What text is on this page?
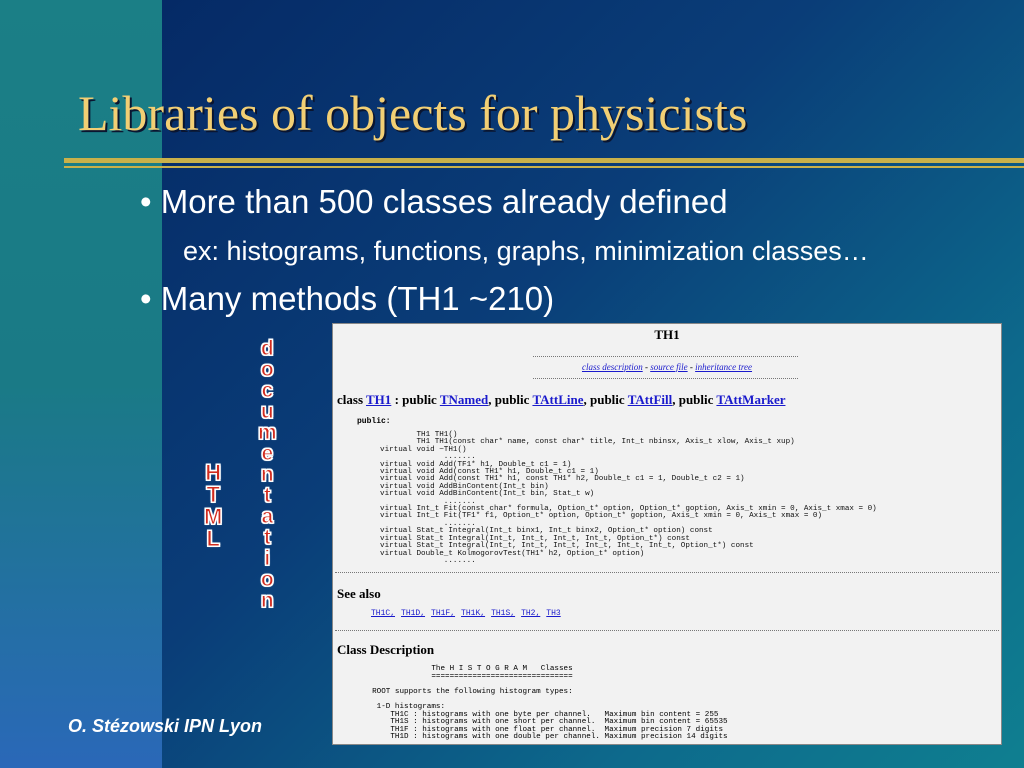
Libraries of objects for physicists
• More than 500 classes already defined
ex: histograms, functions, graphs, minimization classes…
• Many methods (TH1 ~210)
H
T
M
L
d
o
c
u
m
e
n
t
a
t
i
o
n
TH1
class description - source file - inheritance tree
class TH1 : public TNamed, public TAttLine, public TAttFill, public TAttMarker
public:
TH1 TH1()
TH1 TH1(const char* name, const char* title, Int_t nbinsx, Axis_t xlow, Axis_t xup)
virtual void ~TH1()
.......
virtual void Add(TF1* h1, Double_t c1 = 1)
virtual void Add(const TH1* h1, Double_t c1 = 1)
virtual void Add(const TH1* h1, const TH1* h2, Double_t c1 = 1, Double_t c2 = 1)
virtual void AddBinContent(Int_t bin)
virtual void AddBinContent(Int_t bin, Stat_t w)
.......
virtual Int_t Fit(const char* formula, Option_t* option, Option_t* goption, Axis_t xmin = 0, Axis_t xmax = 0)
virtual Int_t Fit(TF1* f1, Option_t* option, Option_t* goption, Axis_t xmin = 0, Axis_t xmax = 0)
.......
virtual Stat_t Integral(Int_t binx1, Int_t binx2, Option_t* option) const
virtual Stat_t Integral(Int_t, Int_t, Int_t, Int_t, Option_t*) const
virtual Stat_t Integral(Int_t, Int_t, Int_t, Int_t, Int_t, Int_t, Option_t*) const
virtual Double_t KolmogorovTest(TH1* h2, Option_t* option)
.......
See also
TH1C, TH1D, TH1F, TH1K, TH1S, TH2, TH3
Class Description
The H I S T O G R A M   Classes
===============================

ROOT supports the following histogram types:

1-D histograms:
TH1C : histograms with one byte per channel.   Maximum bin content = 255
TH1S : histograms with one short per channel.  Maximum bin content = 65535
TH1F : histograms with one float per channel.  Maximum precision 7 digits
TH1D : histograms with one double per channel. Maximum precision 14 digits
O. Stézowski IPN Lyon
